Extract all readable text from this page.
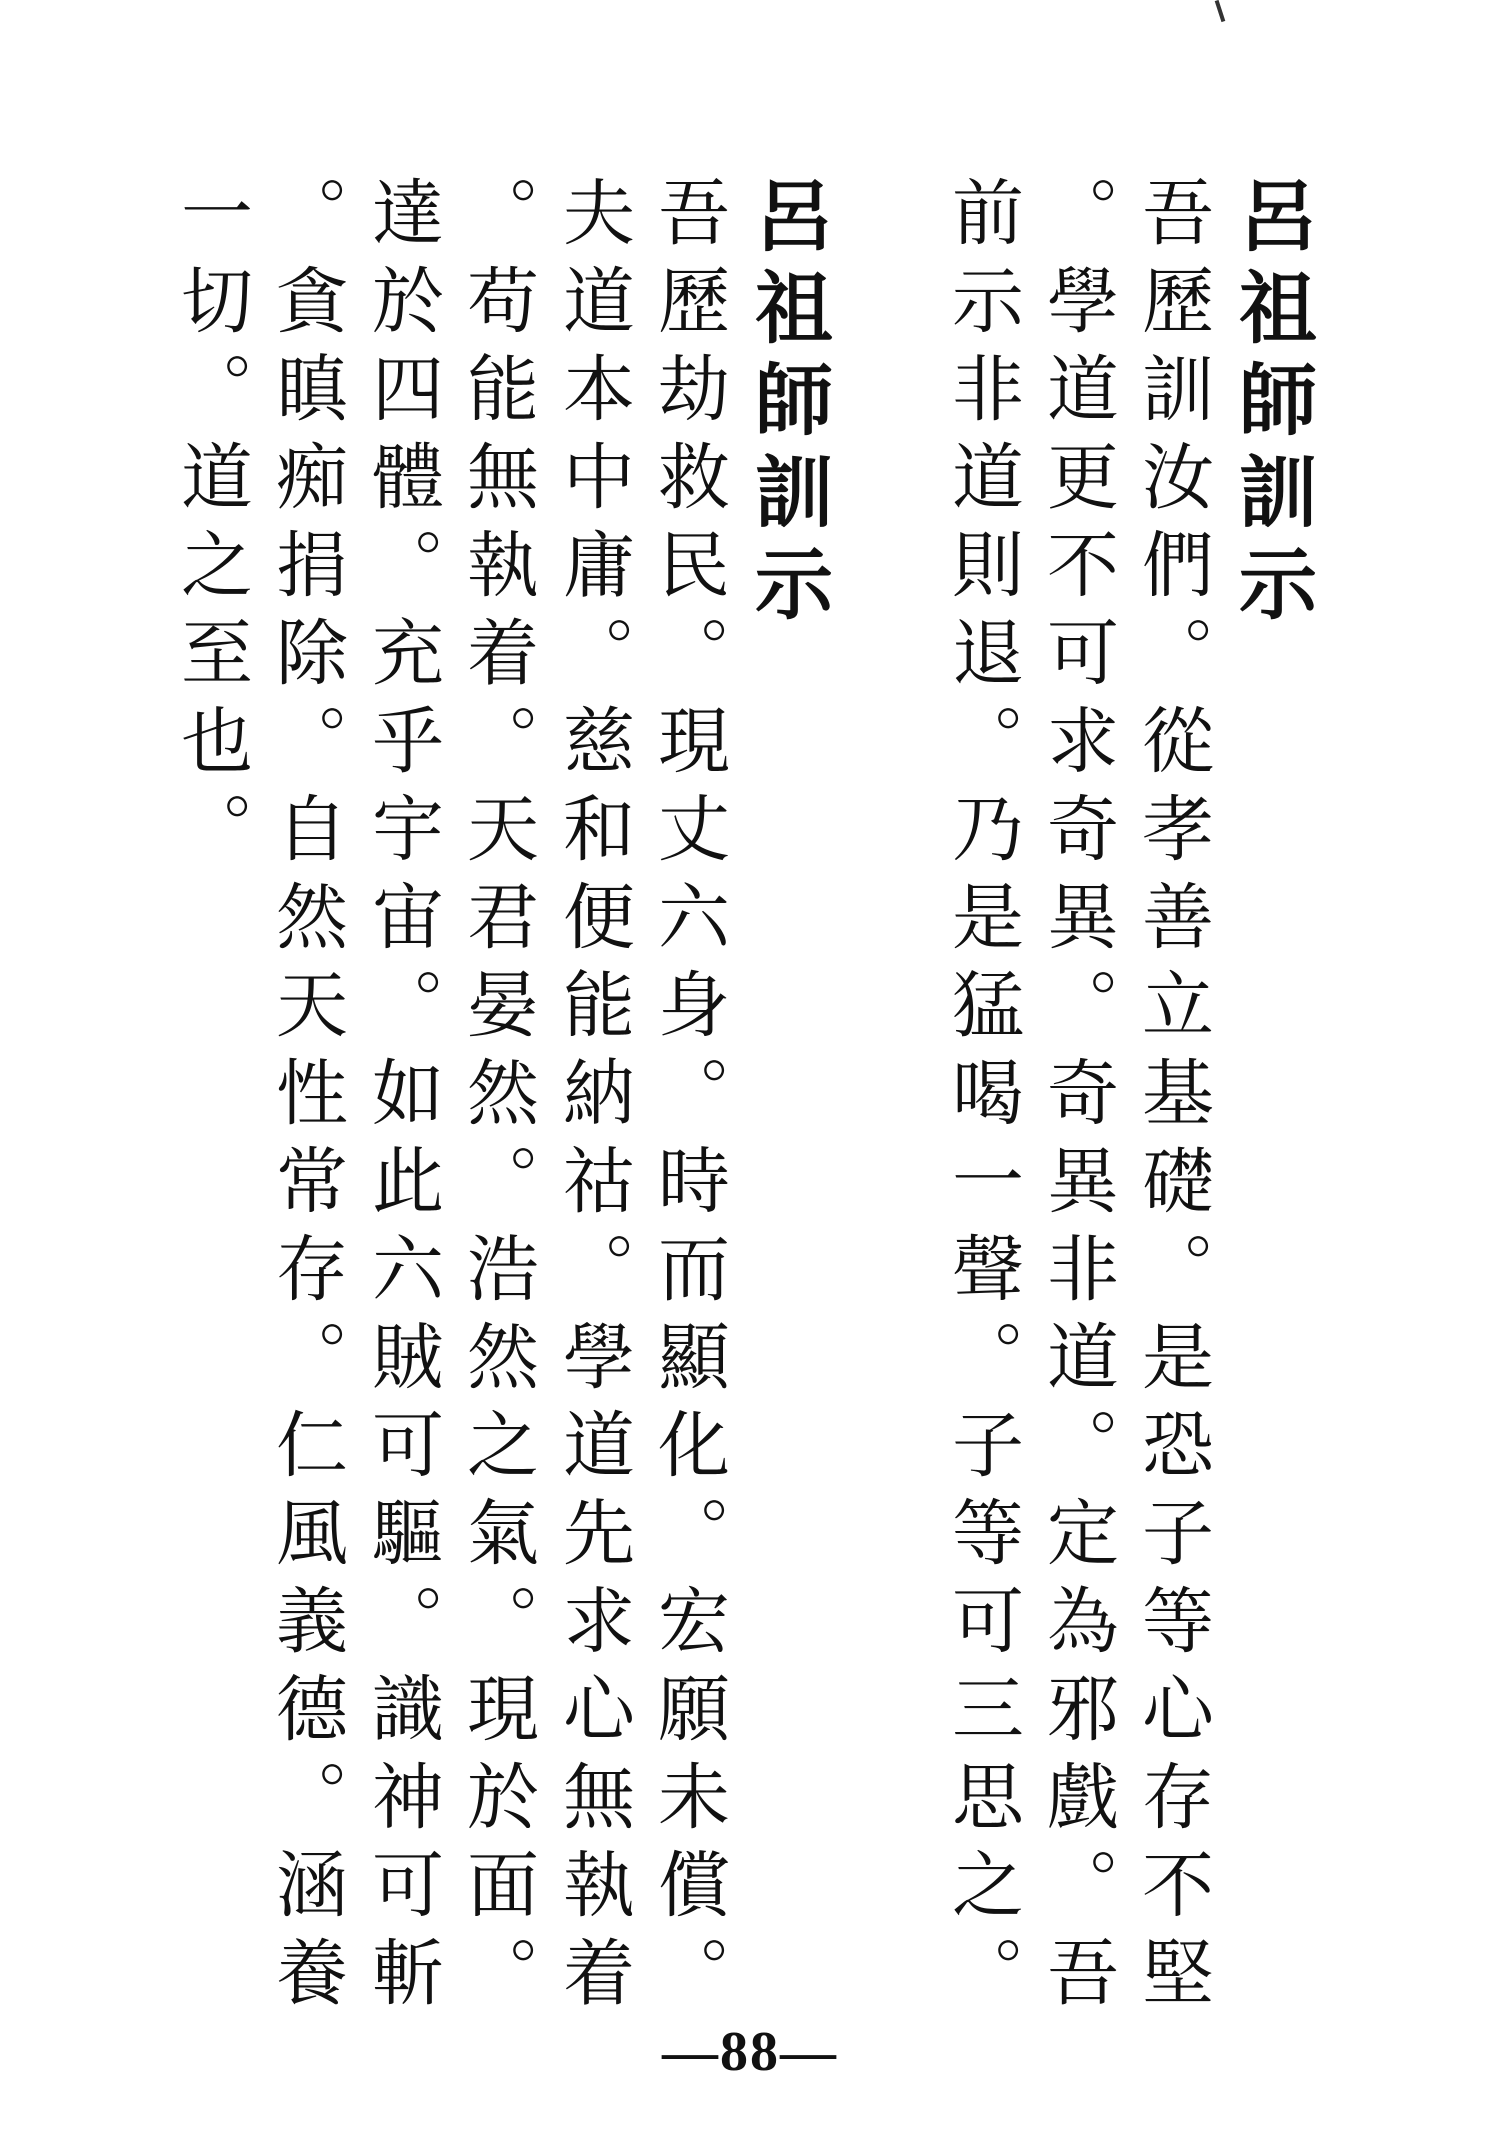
呂祖師訓示
吾歷訓汝們。從孝善立基礎。是恐子等心存不堅
。學道更不可求奇異。奇異非道。定為邪戲。吾
前示非道則退。乃是猛喝一聲。子等可三思之。
呂祖師訓示
吾歷劫救民。現丈六身。時而顯化。宏願未償。
夫道本中庸。慈和便能納祜。學道先求心無執着
。苟能無執着。天君晏然。浩然之氣。現於面。
達於四體。充乎宇宙。如此六賊可驅。識神可斬
。貪瞋痴捐除。自然天性常存。仁風義德。涵養
一切。道之至也。
—88—
